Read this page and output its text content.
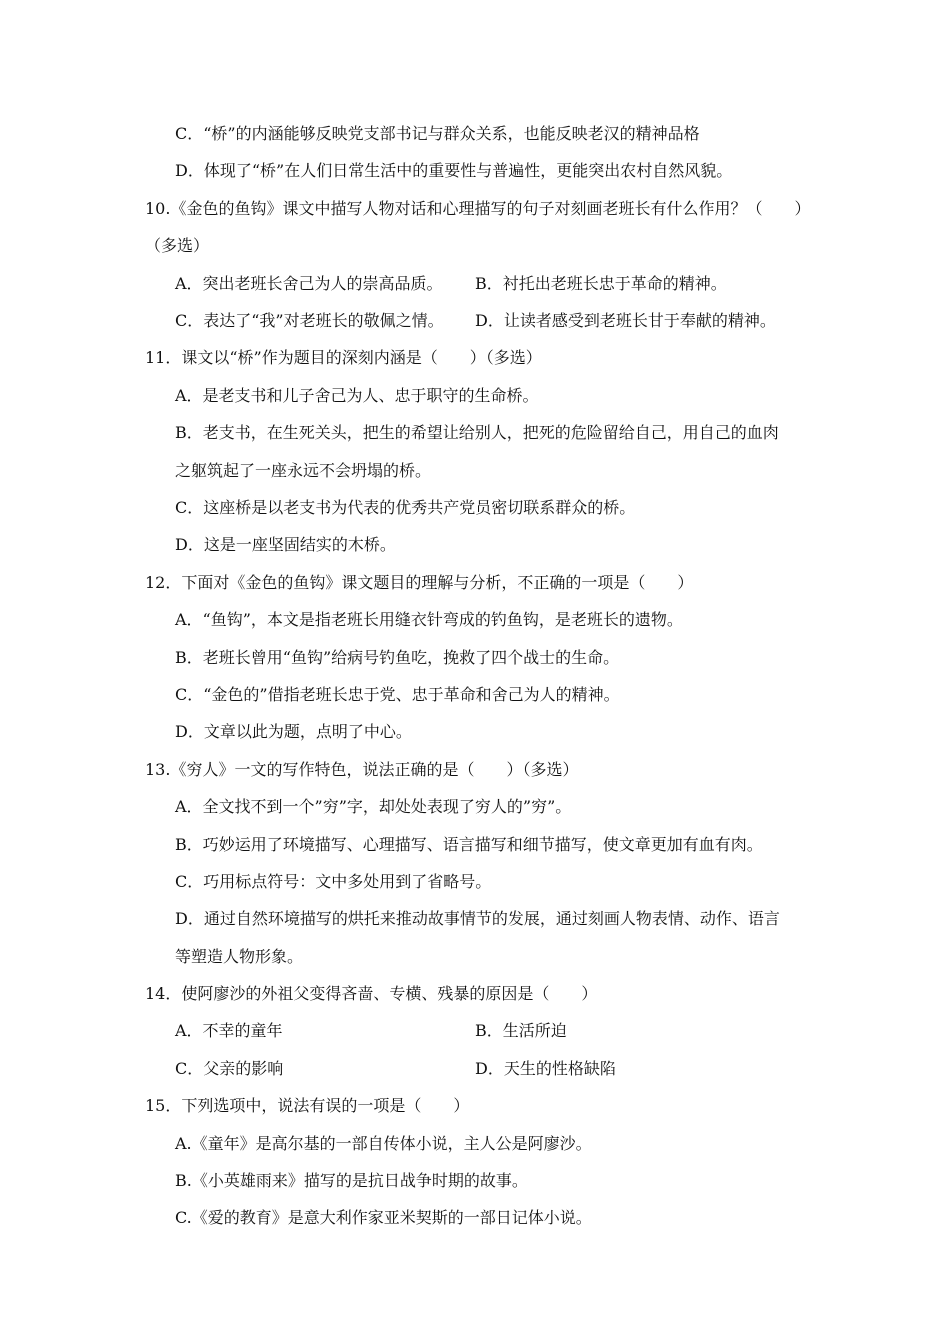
C．“桥”的内涵能够反映党支部书记与群众关系，也能反映老汉的精神品格
D．体现了“桥”在人们日常生活中的重要性与普遍性，更能突出农村自然风貌。
10.《金色的鱼钩》课文中描写人物对话和心理描写的句子对刻画老班长有什么作用？（　　）
（多选）
A．突出老班长舍己为人的崇高品质。 B．衬托出老班长忠于革命的精神。
C．表达了“我”对老班长的敬佩之情。 D．让读者感受到老班长甘于奉献的精神。
11．课文以“桥”作为题目的深刻内涵是（　　）（多选）
A．是老支书和儿子舍己为人、忠于职守的生命桥。
B．老支书，在生死关头，把生的希望让给别人，把死的危险留给自己，用自己的血肉
之躯筑起了一座永远不会坍塌的桥。
C．这座桥是以老支书为代表的优秀共产党员密切联系群众的桥。
D．这是一座坚固结实的木桥。
12．下面对《金色的鱼钩》课文题目的理解与分析，不正确的一项是（　　）
A．“鱼钩”，本文是指老班长用缝衣针弯成的钓鱼钩，是老班长的遗物。
B．老班长曾用“鱼钩”给病号钓鱼吃，挽救了四个战士的生命。
C．“金色的”借指老班长忠于党、忠于革命和舍己为人的精神。
D．文章以此为题，点明了中心。
13.《穷人》一文的写作特色，说法正确的是（　　）（多选）
A．全文找不到一个”穷”字，却处处表现了穷人的”穷”。
B．巧妙运用了环境描写、心理描写、语言描写和细节描写，使文章更加有血有肉。
C．巧用标点符号：文中多处用到了省略号。
D．通过自然环境描写的烘托来推动故事情节的发展，通过刻画人物表情、动作、语言
等塑造人物形象。
14．使阿廖沙的外祖父变得吝啬、专横、残暴的原因是（　　）
A．不幸的童年	B．生活所迫
C．父亲的影响	D．天生的性格缺陷
15．下列选项中，说法有误的一项是（　　）
A.《童年》是高尔基的一部自传体小说，主人公是阿廖沙。
B.《小英雄雨来》描写的是抗日战争时期的故事。
C.《爱的教育》是意大利作家亚米契斯的一部日记体小说。
